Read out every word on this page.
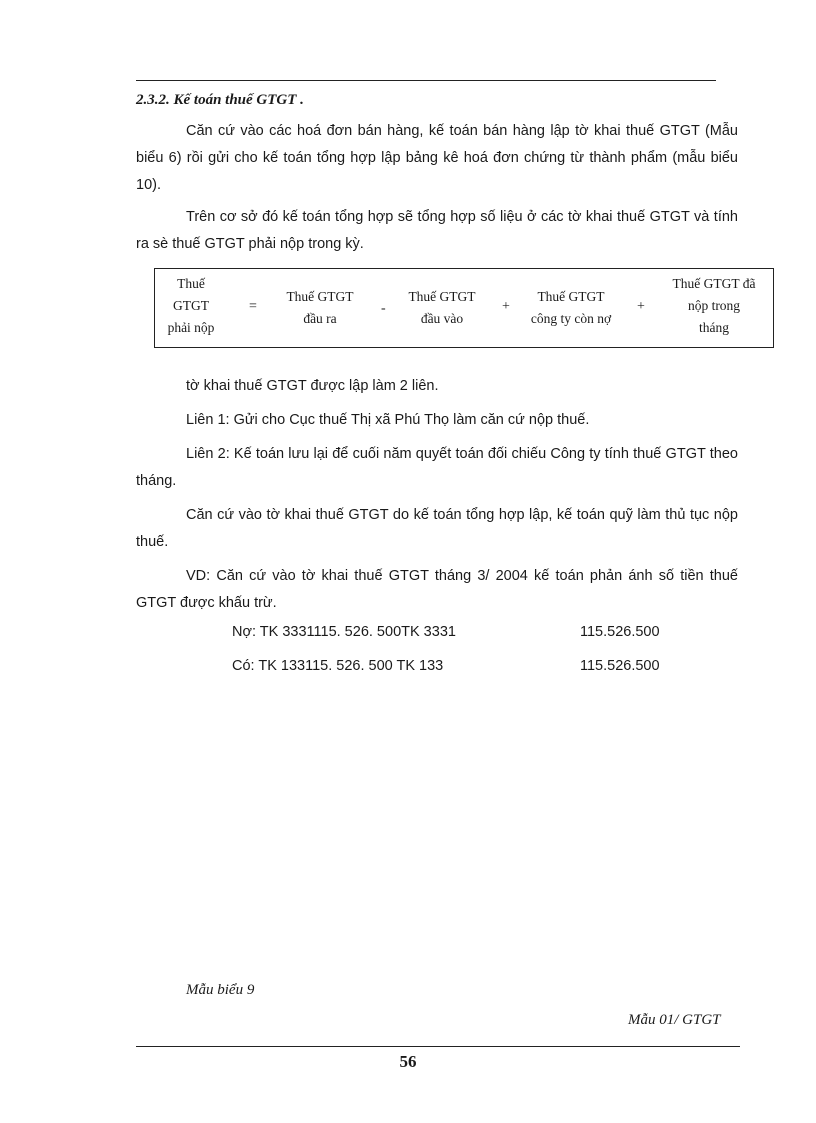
2.3.2. Kế toán thuế GTGT .
Căn cứ vào các hoá đơn bán hàng, kế toán bán hàng lập tờ khai thuế GTGT (Mẫu biểu 6) rồi gửi cho kế toán tổng hợp lập bảng kê hoá đơn chứng từ thành phẩm (mẫu biểu 10).
Trên cơ sở đó kế toán tổng hợp sẽ tổng hợp số liệu ở các tờ khai thuế GTGT và tính ra sè thuế GTGT phải nộp trong kỳ.
Thuế
GTGT
phải nộp
=
Thuế GTGT
đầu ra
-
Thuế GTGT
đầu vào
+
Thuế GTGT
công ty còn nợ
+
Thuế GTGT đã
nộp trong
tháng
tờ khai thuế GTGT được lập làm 2 liên.
Liên 1: Gửi cho Cục thuế Thị xã Phú Thọ làm căn cứ nộp thuế.
Liên 2: Kế toán lưu lại để cuối năm quyết toán đối chiếu Công ty tính thuế GTGT theo tháng.
Căn cứ vào tờ khai thuế GTGT do kế toán tổng hợp lập, kế toán quỹ làm thủ tục nộp thuế.
VD: Căn cứ vào tờ khai thuế GTGT tháng 3/ 2004 kế toán phản ánh số tiền thuế GTGT được khấu trừ.
Nợ: TK 3331115. 526. 500TK 3331	115.526.500
Có: TK 133115. 526. 500 TK 133	115.526.500
Mẫu biểu 9
Mẫu 01/ GTGT
56
